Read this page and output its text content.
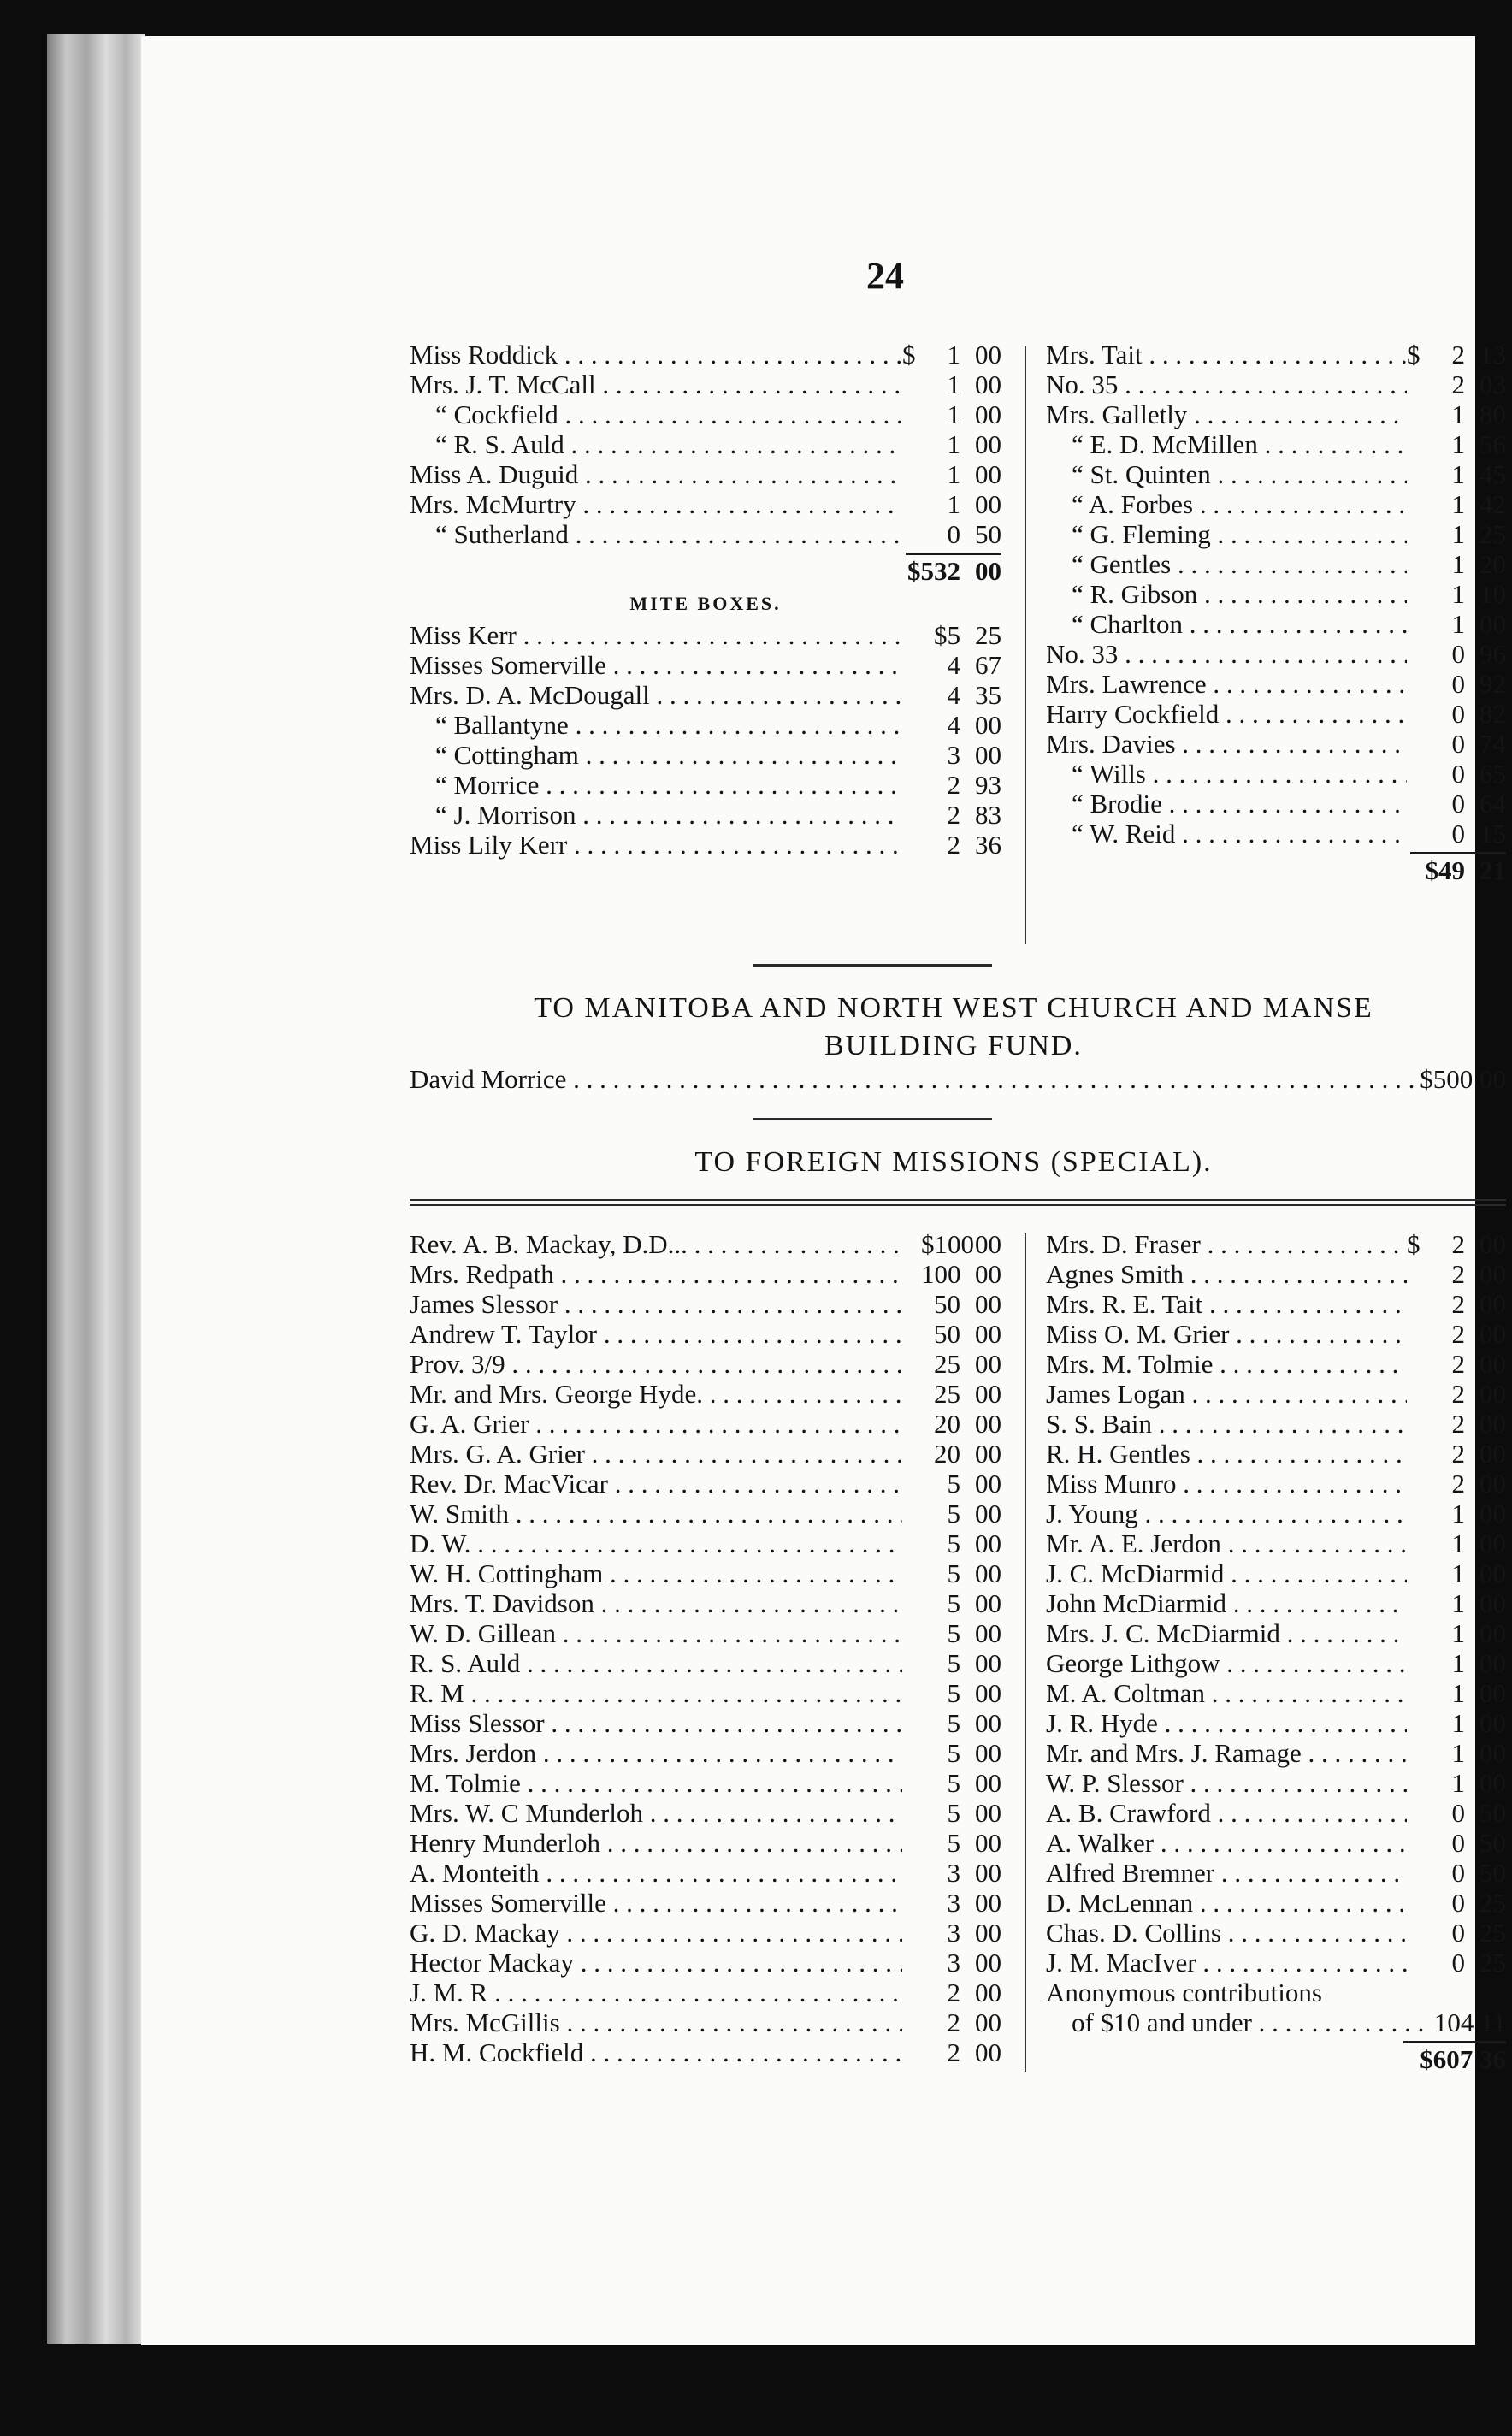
24
Miss Roddick . . .	$	1 00
Mrs. J. T. McCall . . .	1 00
“ Cockfield . . .	1 00
“ R. S. Auld . . .	1 00
Miss A. Duguid . . .	1 00
Mrs. McMurtry . . .	1 00
“ Sutherland . . .	0 50
$532 00
MITE BOXES.
Miss Kerr . . .	$5 25
Misses Somerville . . .	4 67
Mrs. D. A. McDougall . . .	4 35
“ Ballantyne . . .	4 00
“ Cottingham . . .	3 00
“ Morrice . . .	2 93
“ J. Morrison . . .	2 83
Miss Lily Kerr . . .	2 36
Mrs. Tait . . .	$	2 13
No. 35 . . .	2 03
Mrs. Galletly . . .	1 80
“ E. D. McMillen . . .	1 56
“ St. Quinten . . .	1 45
“ A. Forbes . . .	1 42
“ G. Fleming . . .	1 25
“ Gentles . . .	1 20
“ R. Gibson . . .	1 10
“ Charlton . . .	1 00
No. 33 . . .	0 96
Mrs. Lawrence . . .	0 92
Harry Cockfield . . .	0 82
Mrs. Davies . . .	0 74
“ Wills . . .	0 65
“ Brodie . . .	0 64
“ W. Reid . . .	0 15
$49 21
TO MANITOBA AND NORTH WEST CHURCH AND MANSE
BUILDING FUND.
David Morrice . . .	$500 00
TO FOREIGN MISSIONS (SPECIAL).
Rev. A. B. Mackay, D.D... . . .	$100 00
Mrs. Redpath . . .	100 00
James Slessor . . .	50 00
Andrew T. Taylor . . .	50 00
Prov. 3/9 . . .	25 00
Mr. and Mrs. George Hyde. . . .	25 00
G. A. Grier . . .	20 00
Mrs. G. A. Grier . . .	20 00
Rev. Dr. MacVicar . . .	5 00
W. Smith . . .	5 00
D. W. . . .	5 00
W. H. Cottingham . . .	5 00
Mrs. T. Davidson . . .	5 00
W. D. Gillean . . .	5 00
R. S. Auld . . .	5 00
R. M . . .	5 00
Miss Slessor . . .	5 00
Mrs. Jerdon . . .	5 00
M. Tolmie . . .	5 00
Mrs. W. C Munderloh . . .	5 00
Henry Munderloh . . .	5 00
A. Monteith . . .	3 00
Misses Somerville . . .	3 00
G. D. Mackay . . .	3 00
Hector Mackay . . .	3 00
J. M. R . . .	2 00
Mrs. McGillis . . .	2 00
H. M. Cockfield . . .	2 00
Mrs. D. Fraser . . .	$	2 00
Agnes Smith . . .	2 00
Mrs. R. E. Tait . . .	2 00
Miss O. M. Grier . . .	2 00
Mrs. M. Tolmie . . .	2 00
James Logan . . .	2 00
S. S. Bain . . .	2 00
R. H. Gentles . . .	2 00
Miss Munro . . .	2 00
J. Young . . .	1 00
Mr. A. E. Jerdon . . .	1 00
J. C. McDiarmid . . .	1 00
John McDiarmid . . .	1 00
Mrs. J. C. McDiarmid . . .	1 00
George Lithgow . . .	1 00
M. A. Coltman . . .	1 00
J. R. Hyde . . .	1 00
Mr. and Mrs. J. Ramage . . .	1 00
W. P. Slessor . . .	1 00
A. B. Crawford . . .	0 50
A. Walker . . .	0 50
Alfred Bremner . . .	0 50
D. McLennan . . .	0 25
Chas. D. Collins . . .	0 25
J. M. MacIver . . .	0 25
Anonymous contributions
of $10 and under . . .	104 11
$607 36
